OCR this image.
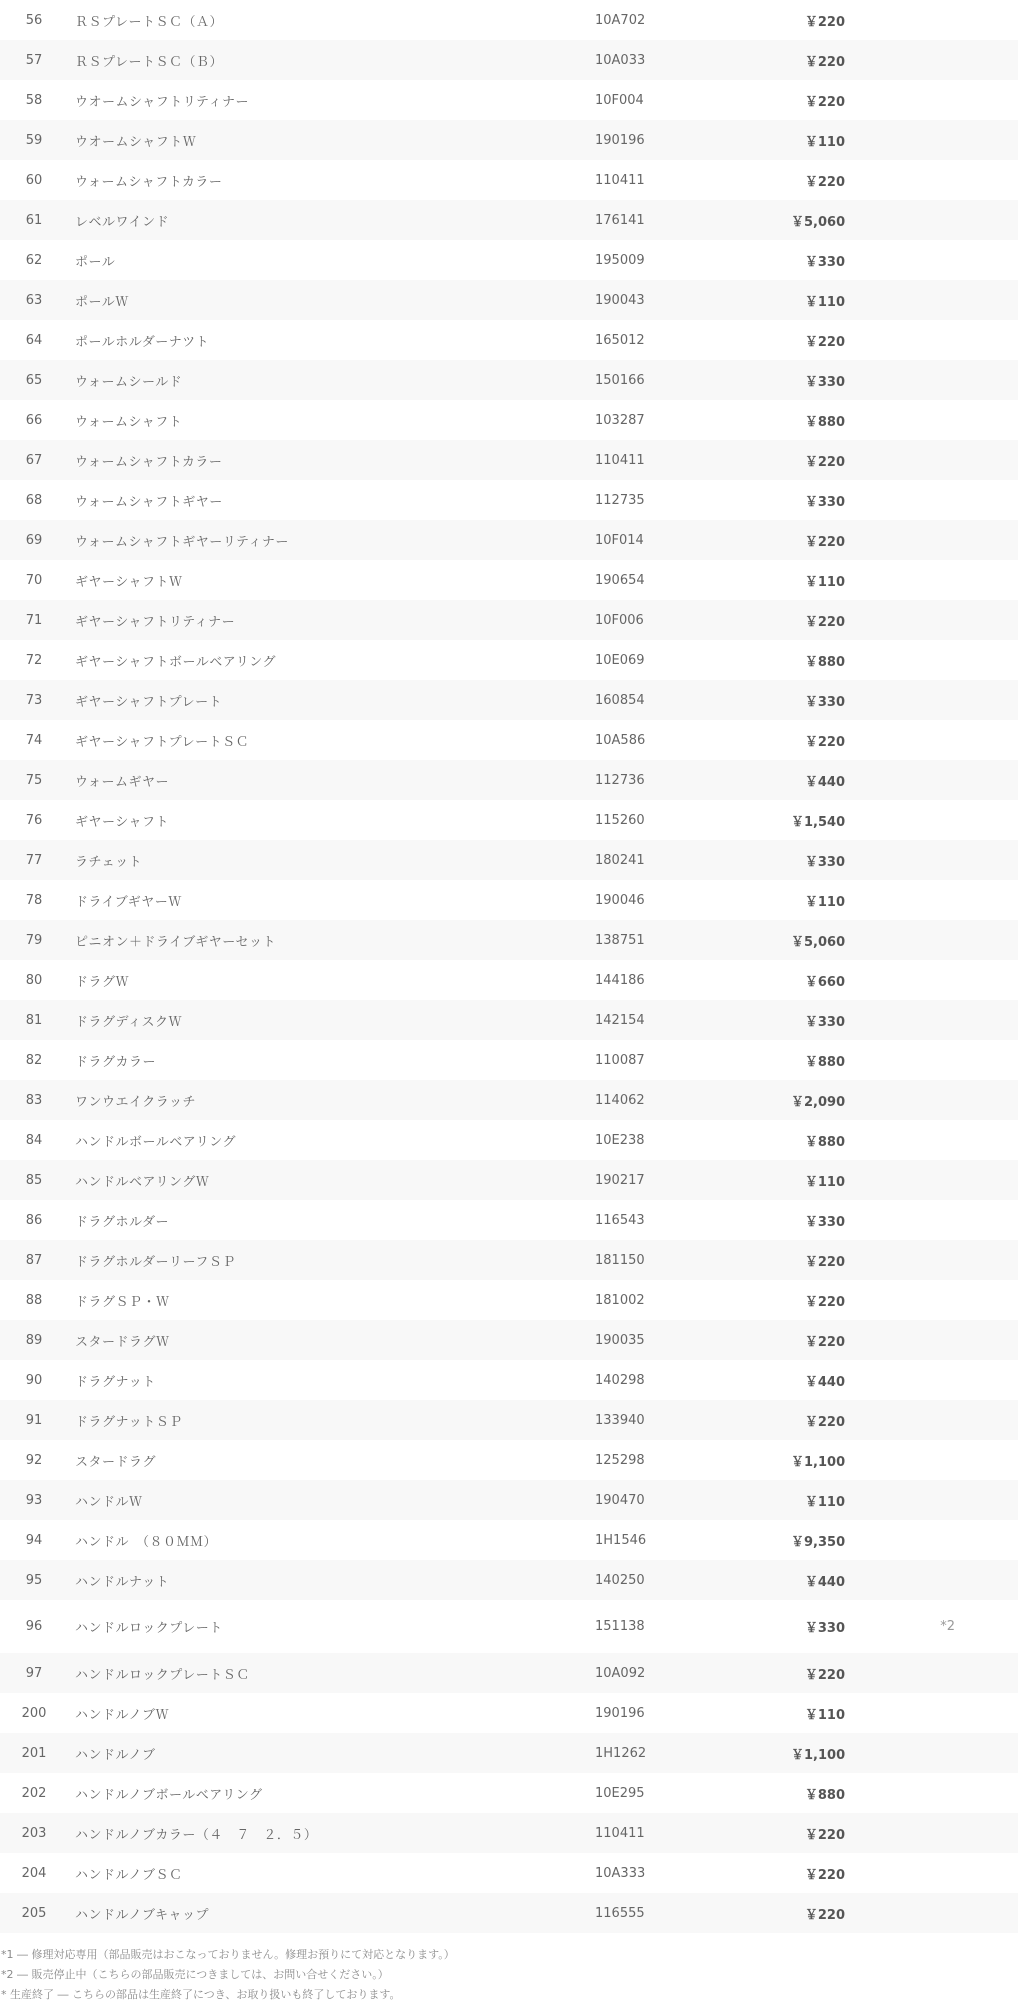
56	ＲＳプレートＳＣ（Ａ）	10A702	￥220	
57	ＲＳプレートＳＣ（Ｂ）	10A033	￥220	
58	ウオームシャフトリティナー	10F004	￥220	
59	ウオームシャフトＷ	190196	￥110	
60	ウォームシャフトカラー	110411	￥220	
61	レベルワインド	176141	￥5,060	
62	ポール	195009	￥330	
63	ポールＷ	190043	￥110	
64	ポールホルダーナツト	165012	￥220	
65	ウォームシールド	150166	￥330	
66	ウォームシャフト	103287	￥880	
67	ウォームシャフトカラー	110411	￥220	
68	ウォームシャフトギヤー	112735	￥330	
69	ウォームシャフトギヤーリティナー	10F014	￥220	
70	ギヤーシャフトＷ	190654	￥110	
71	ギヤーシャフトリティナー	10F006	￥220	
72	ギヤーシャフトボールベアリング	10E069	￥880	
73	ギヤーシャフトプレート	160854	￥330	
74	ギヤーシャフトプレートＳＣ	10A586	￥220	
75	ウォームギヤー	112736	￥440	
76	ギヤーシャフト	115260	￥1,540	
77	ラチェット	180241	￥330	
78	ドライブギヤーＷ	190046	￥110	
79	ピニオン＋ドライブギヤーセット	138751	￥5,060	
80	ドラグＷ	144186	￥660	
81	ドラグディスクＷ	142154	￥330	
82	ドラグカラー	110087	￥880	
83	ワンウエイクラッチ	114062	￥2,090	
84	ハンドルボールベアリング	10E238	￥880	
85	ハンドルベアリングＷ	190217	￥110	
86	ドラグホルダー	116543	￥330	
87	ドラグホルダーリーフＳＰ	181150	￥220	
88	ドラグＳＰ・Ｗ	181002	￥220	
89	スタードラグＷ	190035	￥220	
90	ドラグナット	140298	￥440	
91	ドラグナットＳＰ	133940	￥220	
92	スタードラグ	125298	￥1,100	
93	ハンドルＷ	190470	￥110	
94	ハンドル　（８０ＭＭ）	1H1546	￥9,350	
95	ハンドルナット	140250	￥440	
96	ハンドルロックプレート	151138	￥330	*2
97	ハンドルロックプレートＳＣ	10A092	￥220	
200	ハンドルノブＷ	190196	￥110	
201	ハンドルノブ	1H1262	￥1,100	
202	ハンドルノブボールベアリング	10E295	￥880	
203	ハンドルノブカラー（４　７　２．５）	110411	￥220	
204	ハンドルノブＳＣ	10A333	￥220	
205	ハンドルノブキャップ	116555	￥220	
*1 ― 修理対応専用（部品販売はおこなっておりません。修理お預りにて対応となります。）
*2 ― 販売停止中（こちらの部品販売につきましては、お問い合せください。）
* 生産終了 ― こちらの部品は生産終了につき、お取り扱いも終了しております。
